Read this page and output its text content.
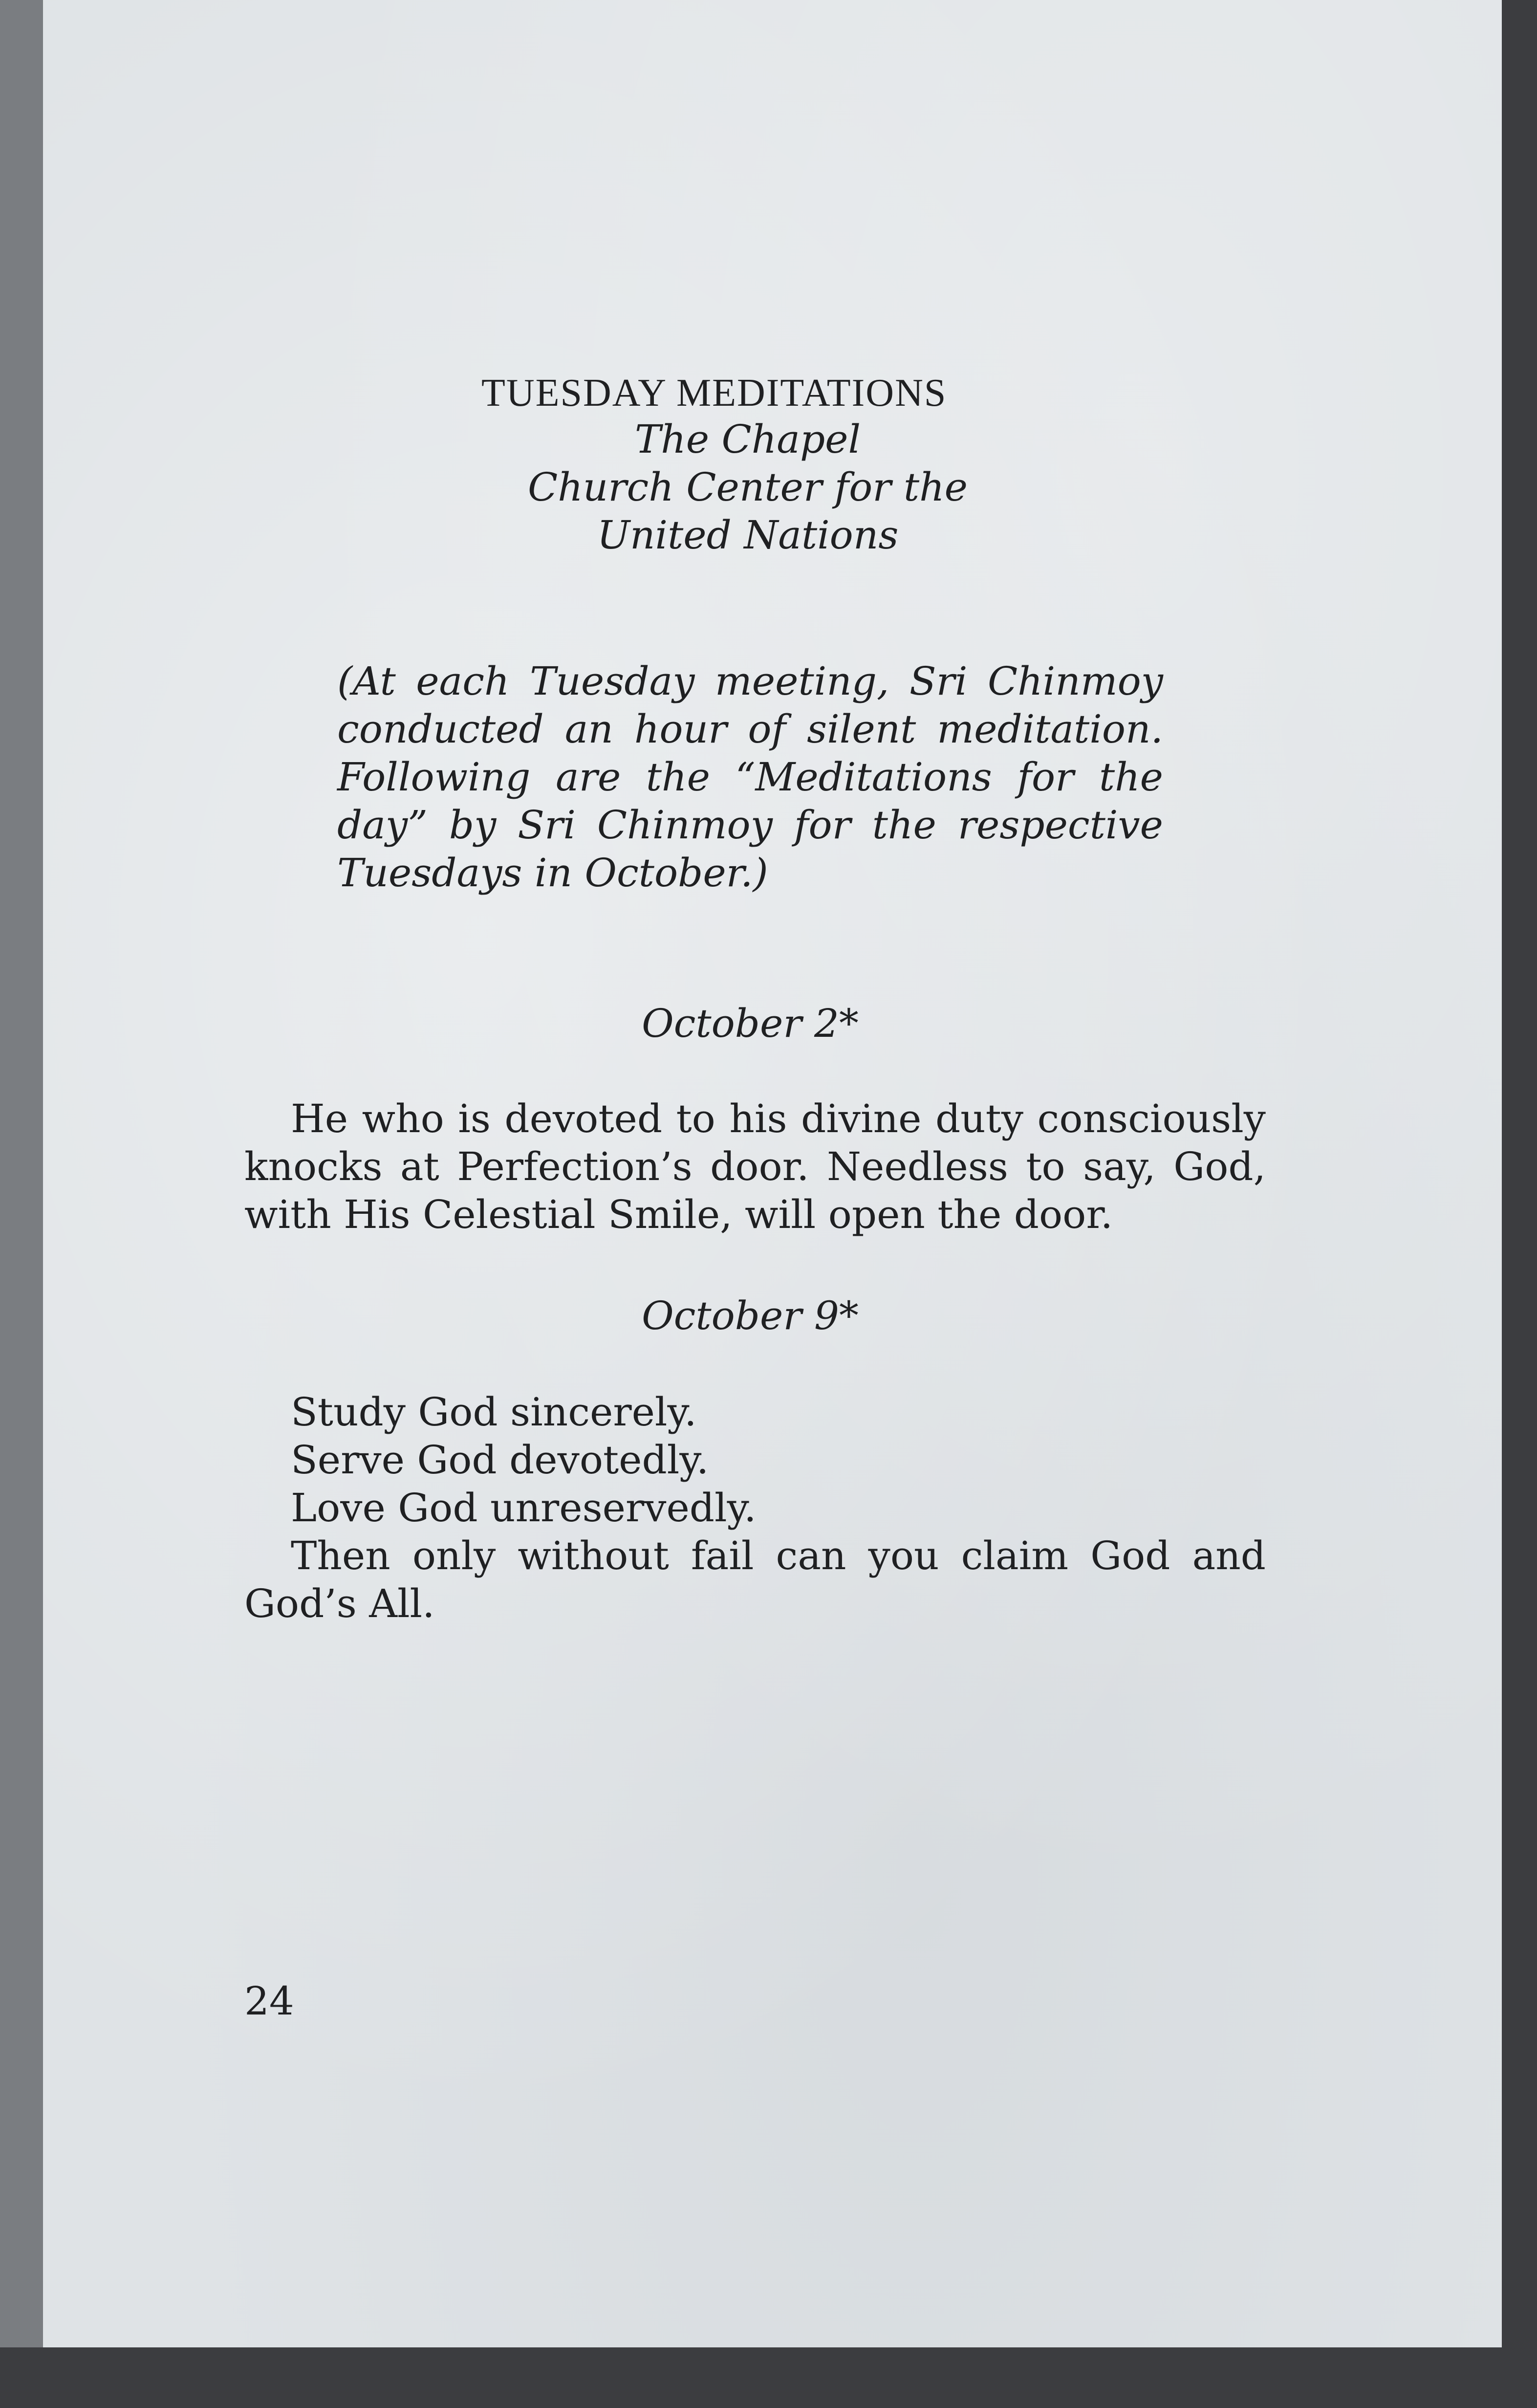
TUESDAY MEDITATIONS
The Chapel
Church Center for the
United Nations
(At each Tuesday meeting, Sri Chinmoy
conducted an hour of silent meditation.
Following are the “Meditations for the
day” by Sri Chinmoy for the respective
Tuesdays in October.)
October 2*
He who is devoted to his divine duty consciously
knocks at Perfection’s door. Needless to say, God,
with His Celestial Smile, will open the door.
October 9*
Study God sincerely.
Serve God devotedly.
Love God unreservedly.
Then only without fail can you claim God and
God’s All.
24
